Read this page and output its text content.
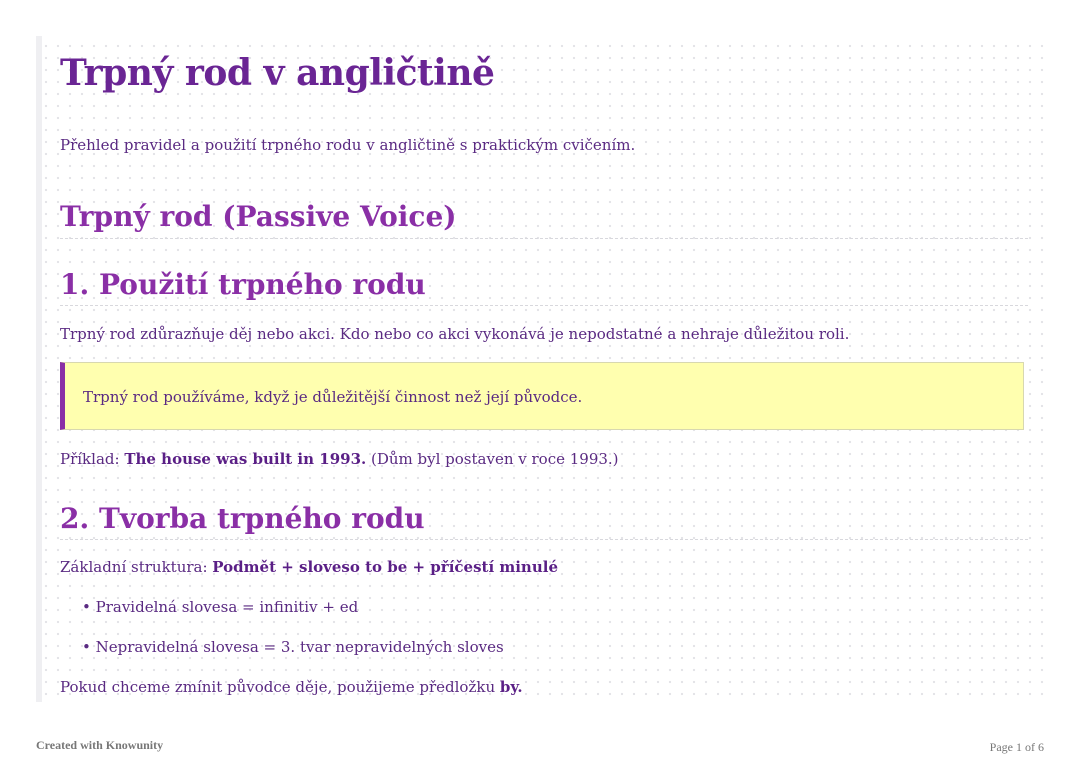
Trpný rod v angličtině

Přehled pravidel a použití trpného rodu v angličtině s praktickým cvičením.

Trpný rod (Passive Voice)
1. Použití trpného rodu

Trpný rod zdůrazňuje děj nebo akci. Kdo nebo co akci vykonává je nepodstatné a nehraje důležitou roli.

Trpný rod používáme, když je důležitější činnost než její původce.

Příklad: The house was built in 1993. (Dům byl postaven v roce 1993.)

2. Tvorba trpného rodu

Základní struktura: Podmět + sloveso to be + příčestí minulé

• Pravidelná slovesa = infinitiv + ed

• Nepravidelná slovesa = 3. tvar nepravidelných sloves

Pokud chceme zmínit původce děje, použijeme předložku by.

Created with Knowunity	Page 1 of 6
